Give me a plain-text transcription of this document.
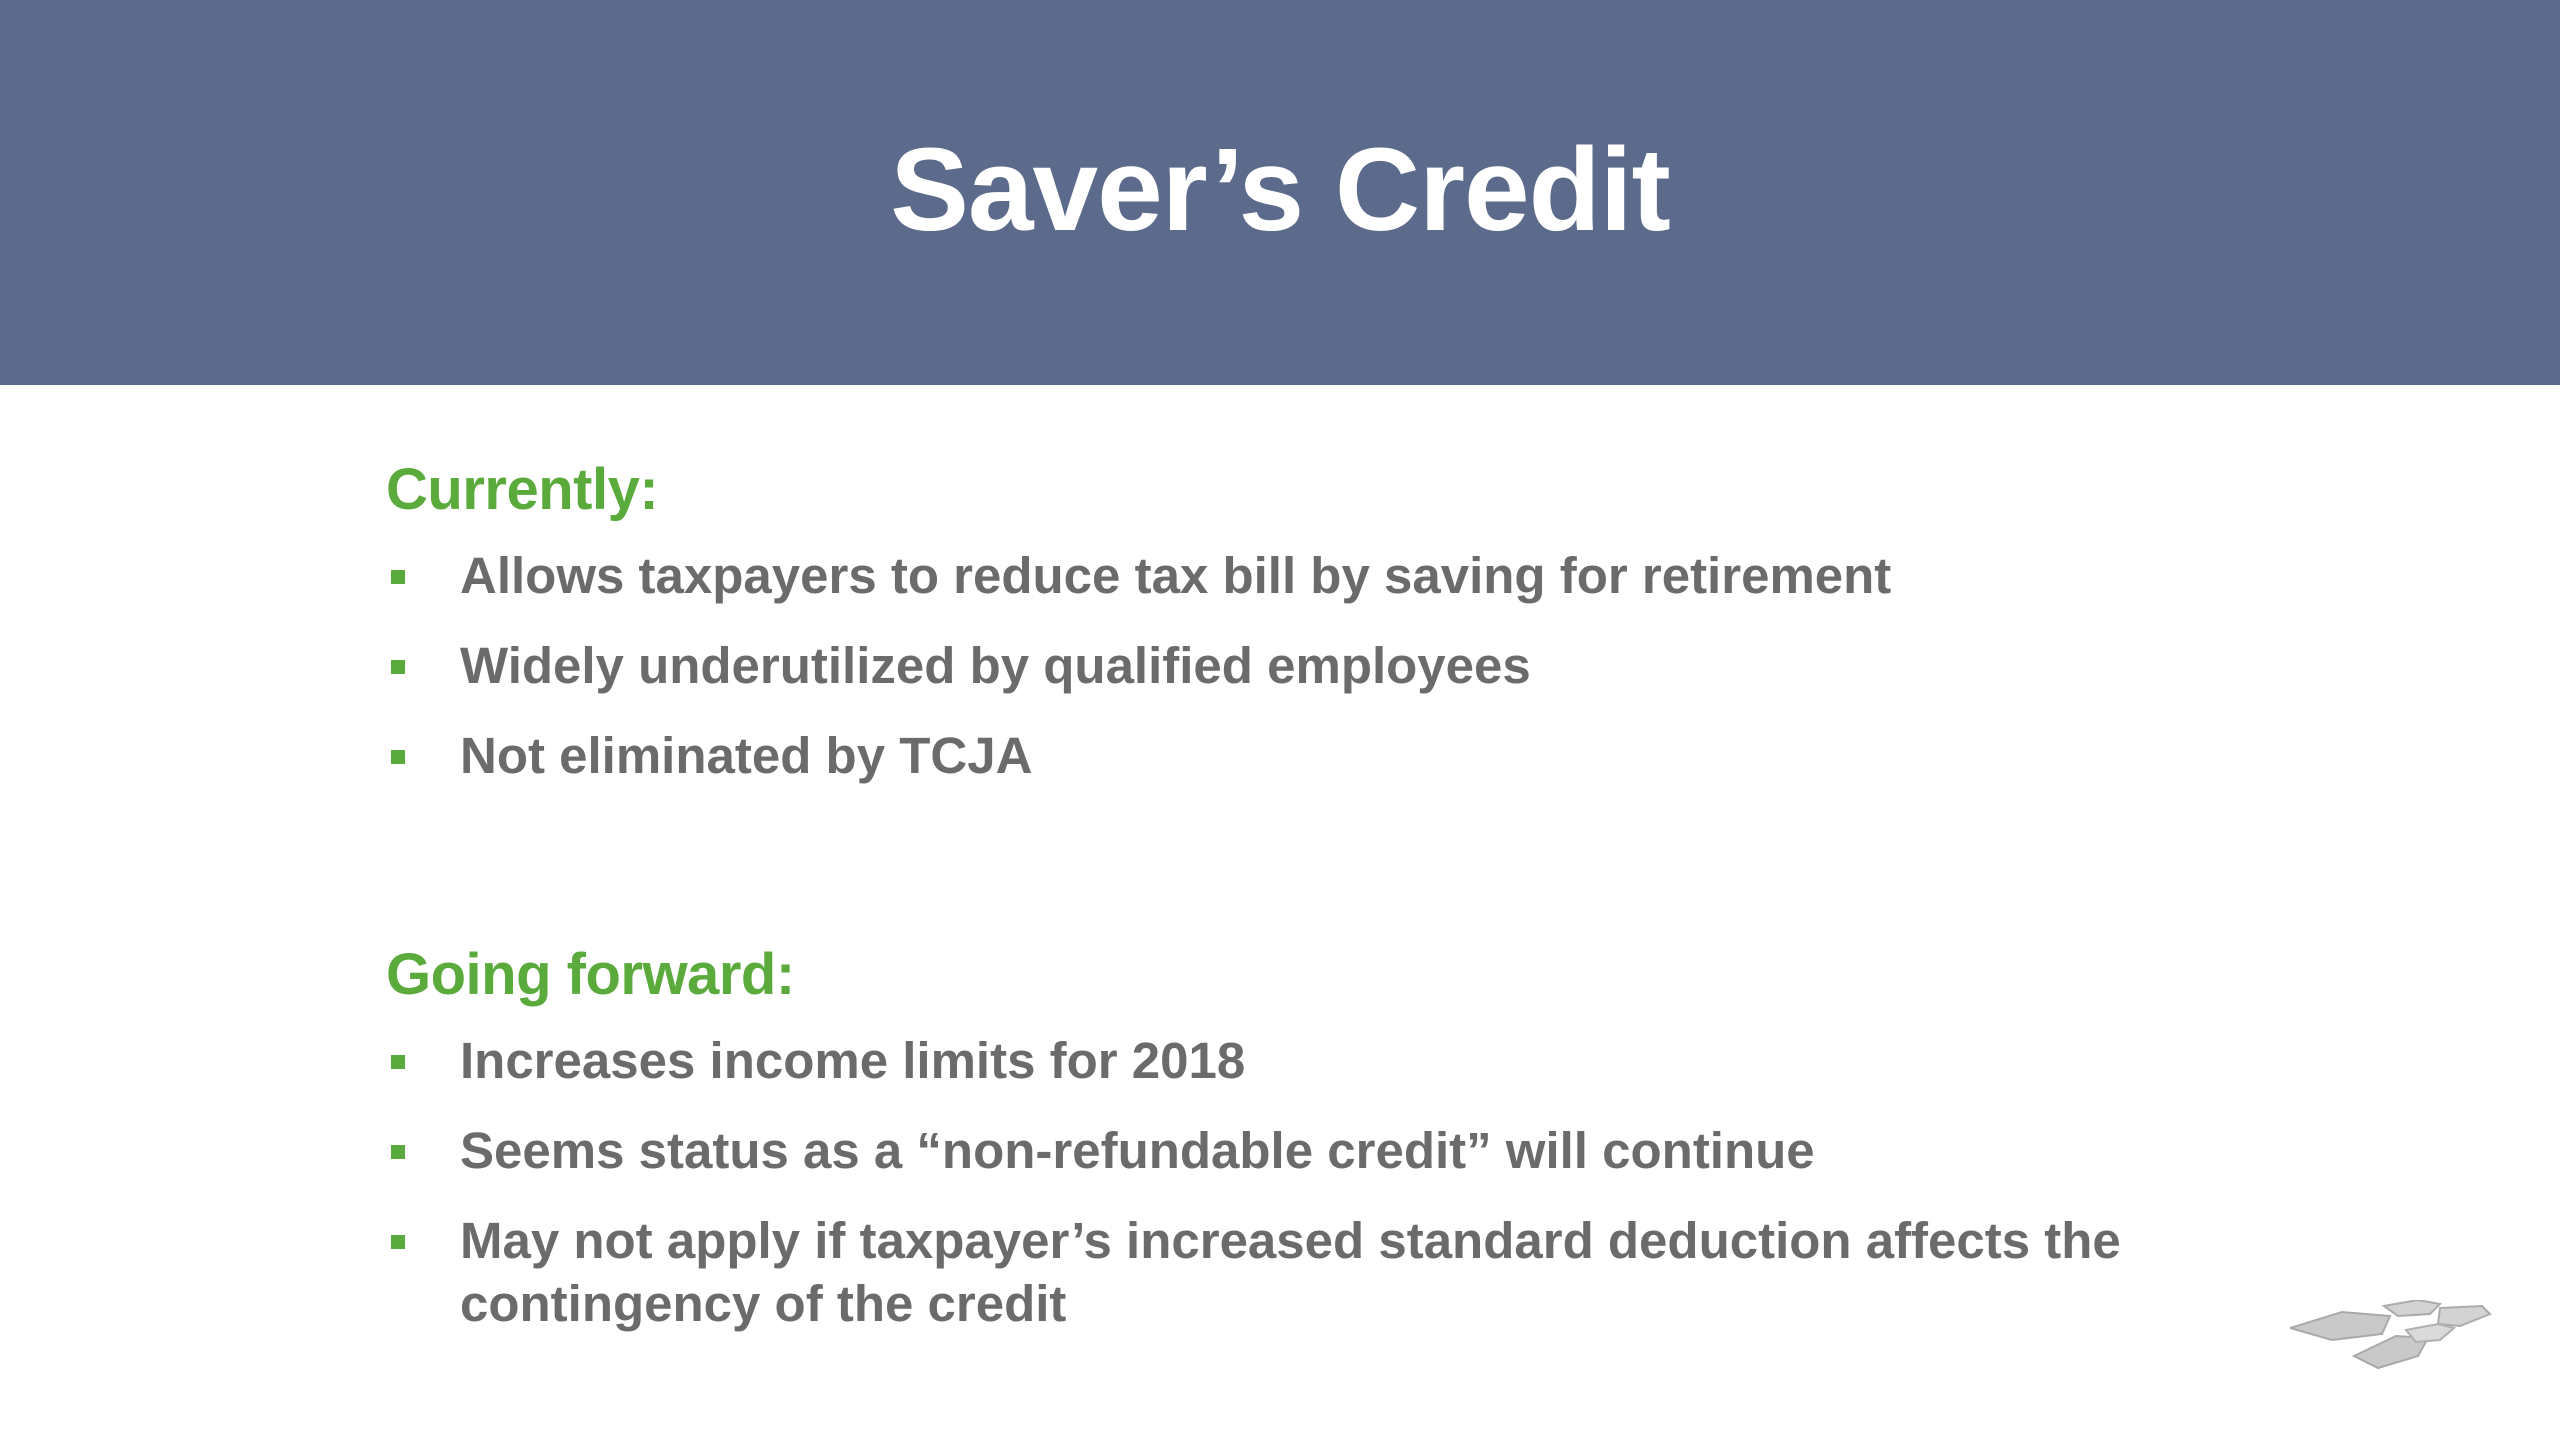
Saver’s Credit
Currently:
Allows taxpayers to reduce tax bill by saving for retirement
Widely underutilized by qualified employees
Not eliminated by TCJA
Going forward:
Increases income limits for 2018
Seems status as a “non-refundable credit” will continue
May not apply if taxpayer’s increased standard deduction affects the contingency of the credit
